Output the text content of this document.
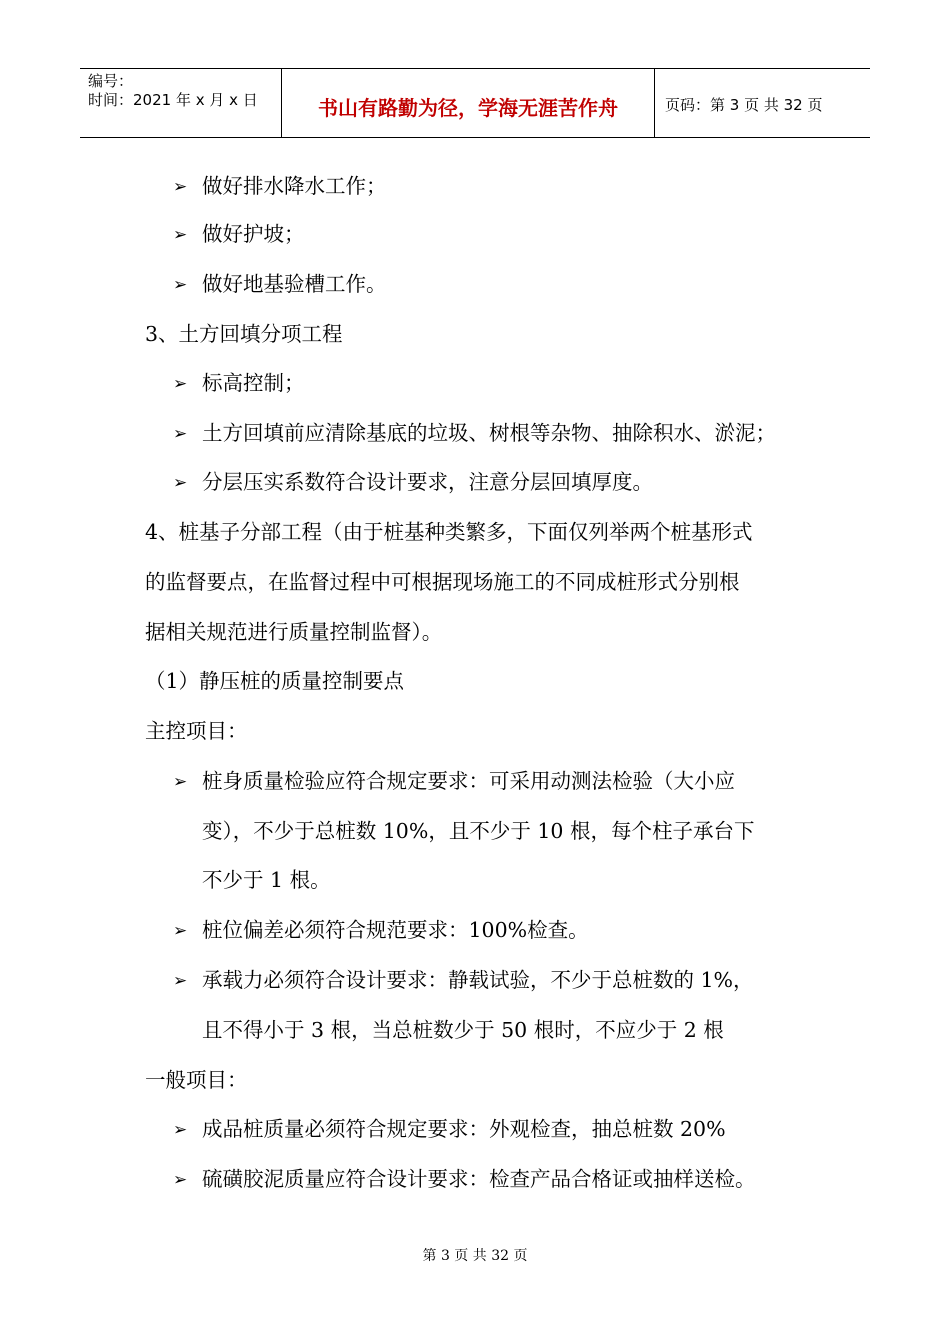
编号：
时间：2021 年 x 月 x 日	书山有路勤为径，学海无涯苦作舟	页码：第 3 页 共 32 页
➢ 做好排水降水工作；
➢ 做好护坡；
➢ 做好地基验槽工作。
3、土方回填分项工程
➢ 标高控制；
➢ 土方回填前应清除基底的垃圾、树根等杂物、抽除积水、淤泥；
➢ 分层压实系数符合设计要求，注意分层回填厚度。
4、桩基子分部工程（由于桩基种类繁多，下面仅列举两个桩基形式
的监督要点，在监督过程中可根据现场施工的不同成桩形式分别根
据相关规范进行质量控制监督）。
（1）静压桩的质量控制要点
主控项目：
➢ 桩身质量检验应符合规定要求：可采用动测法检验（大小应
变），不少于总桩数 10%，且不少于 10 根，每个柱子承台下
不少于 1 根。
➢ 桩位偏差必须符合规范要求：100%检查。
➢ 承载力必须符合设计要求：静载试验，不少于总桩数的 1%，
且不得小于 3 根，当总桩数少于 50 根时，不应少于 2 根
一般项目：
➢ 成品桩质量必须符合规定要求：外观检查，抽总桩数 20%
➢ 硫磺胶泥质量应符合设计要求：检查产品合格证或抽样送检。
第 3 页 共 32 页
